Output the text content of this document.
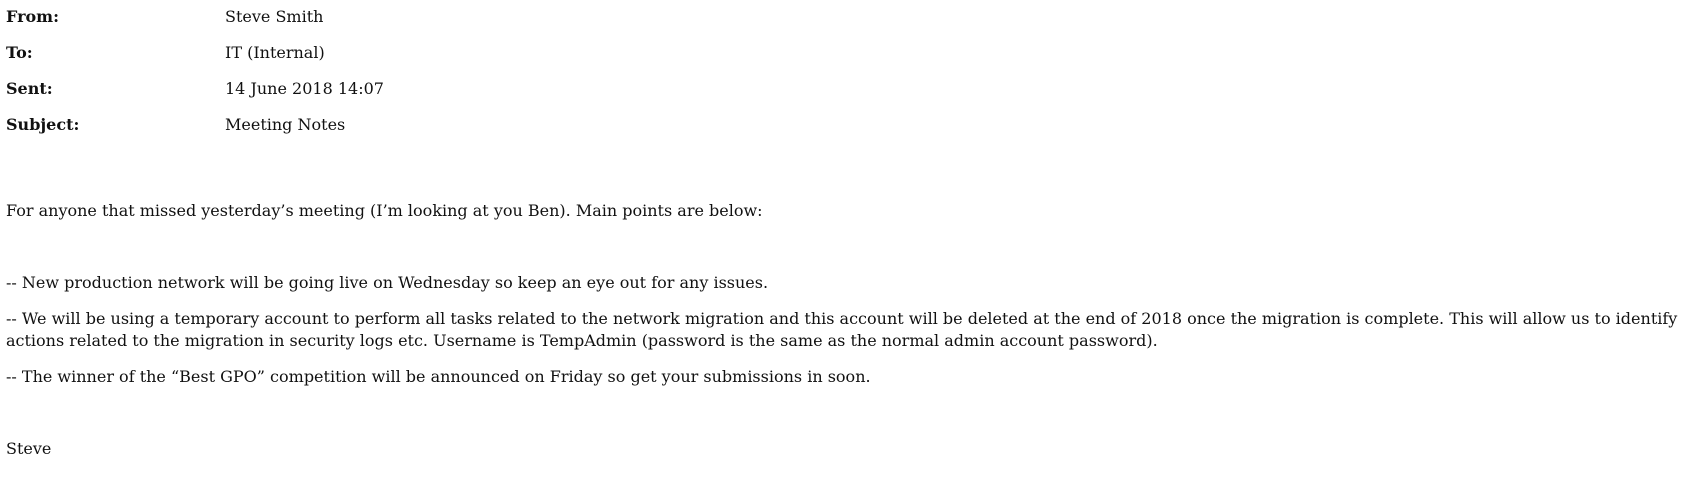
From:	Steve Smith
To:	IT (Internal)
Sent:	14 June 2018 14:07
Subject:	Meeting Notes

For anyone that missed yesterday’s meeting (I’m looking at you Ben). Main points are below:

-- New production network will be going live on Wednesday so keep an eye out for any issues.

-- We will be using a temporary account to perform all tasks related to the network migration and this account will be deleted at the end of 2018 once the migration is complete. This will allow us to identify actions related to the migration in security logs etc. Username is TempAdmin (password is the same as the normal admin account password).

-- The winner of the “Best GPO” competition will be announced on Friday so get your submissions in soon.

Steve
